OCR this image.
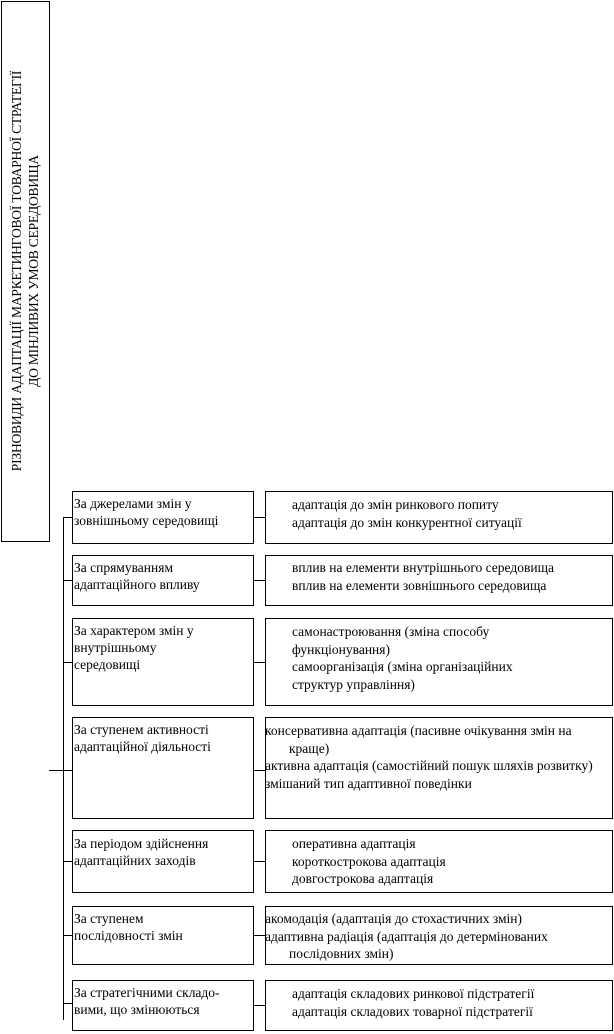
РІЗНОВИДИ АДАПТАЦІЇ МАРКЕТИНГОВОЇ ТОВАРНОЇ СТРАТЕГІЇ ДО МІНЛИВИХ УМОВ СЕРЕДОВИЩА
За джерелами змін у
зовнішньому середовищі
адаптація до змін ринкового попиту
адаптація до змін конкурентної ситуації
За спрямуванням
адаптаційного впливу
вплив на елементи внутрішнього середовища
вплив на елементи зовнішнього середовища
За характером змін у
внутрішньому
середовищі
самонастроювання (зміна способу функціонування)
самоорганізація (зміна організаційних структур управління)
За ступенем активності
адаптаційної діяльності
консервативна адаптація (пасивне очікування змін на краще)
активна адаптація (самостійний пошук шляхів розвитку)
змішаний тип адаптивної поведінки
За періодом здійснення
адаптаційних заходів
оперативна адаптація
короткострокова адаптація
довгострокова адаптація
За ступенем
послідовності змін
акомодація (адаптація до стохастичних змін)
адаптивна радіація (адаптація до детермінованих послідовних змін)
За стратегічними складо-
вими, що змінюються
адаптація складових ринкової підстратегії
адаптація складових товарної підстратегії
